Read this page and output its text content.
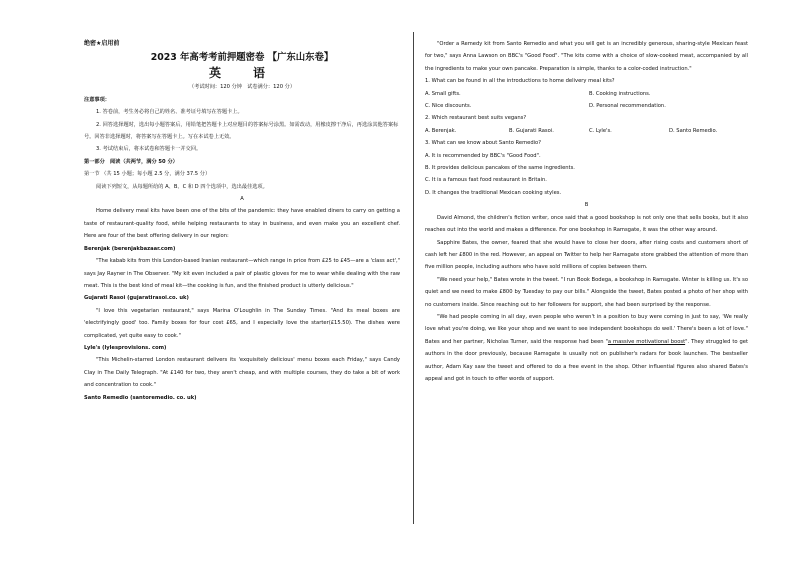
绝密★启用前

2023 年高考考前押题密卷 【广东山东卷】

英　语

（考试时间：120 分钟　试卷满分：120 分）

注意事项：

1. 答卷前，考生务必将自己的姓名、准考证号填写在答题卡上。

2. 回答选择题时，选出每小题答案后，用铅笔把答题卡上对应题目的答案标号涂黑。如需改动，用橡皮擦干净后，再选涂其他答案标号。回答非选择题时，将答案写在答题卡上。写在本试卷上无效。

3. 考试结束后，将本试卷和答题卡一并交回。

第一部分　阅读（共两节，满分 50 分）

第一节 （共 15 小题；每小题 2.5 分，满分 37.5 分）

阅读下列短文，从每题所给的 A、B、C 和 D 四个选项中，选出最佳选项。

A

Home delivery meal kits have been one of the bits of the pandemic: they have enabled diners to carry on getting a taste of restaurant-quality food, while helping restaurants to stay in business, and even make you an excellent chef. Here are four of the best offering delivery in our region:

Berenjak (berenjakbazaar.com)

"The kabab kits from this London-based Iranian restaurant—which range in price from £25 to £45—are a 'class act'," says Jay Rayner in The Observer. "My kit even included a pair of plastic gloves for me to wear while dealing with the raw meat. This is the best kind of meal kit—the cooking is fun, and the finished product is utterly delicious."

Gujarati Rasoi (gujaratirasoi.co. uk)

"I love this vegetarian restaurant," says Marina O'Loughlin in The Sunday Times. "And its meal boxes are 'electrifyingly good' too. Family boxes for four cost £65, and I especially love the starter(£15.50). The dishes were complicated, yet quite easy to cook."

Lyle's (lylesprovisions. com)

"This Michelin-starred London restaurant delivers its 'exquisitely delicious' menu boxes each Friday," says Candy Clay in The Daily Telegraph. "At £140 for two, they aren't cheap, and with multiple courses, they do take a bit of work and concentration to cook."

Santo Remedio (santoremedio. co. uk)

"Order a Remedy kit from Santo Remedio and what you will get is an incredibly generous, sharing-style Mexican feast for two," says Anna Lawson on BBC's "Good Food". "The kits come with a choice of slow-cooked meat, accompanied by all the ingredients to make your own pancake. Preparation is simple, thanks to a color-coded instruction."

1. What can be found in all the introductions to home delivery meal kits?

A. Small gifts.	B. Cooking instructions.

C. Nice discounts.	D. Personal recommendation.

2. Which restaurant best suits vegans?

A. Berenjak.	B. Gujarati Rasoi.	C. Lyle's.	D. Santo Remedio.

3. What can we know about Santo Remedio?

A. It is recommended by BBC's "Good Food".

B. It provides delicious pancakes of the same ingredients.

C. It is a famous fast food restaurant in Britain.

D. It changes the traditional Mexican cooking styles.

B

David Almond, the children's fiction writer, once said that a good bookshop is not only one that sells books, but it also reaches out into the world and makes a difference. For one bookshop in Ramsgate, it was the other way around.

Sapphire Bates, the owner, feared that she would have to close her doors, after rising costs and customers short of cash left her £800 in the red. However, an appeal on Twitter to help her Ramsgate store grabbed the attention of more than five million people, including authors who have sold millions of copies between them.

"We need your help," Bates wrote in the tweet. "I run Book Bodega, a bookshop in Ramsgate. Winter is killing us. It's so quiet and we need to make £800 by Tuesday to pay our bills." Alongside the tweet, Bates posted a photo of her shop with no customers inside. Since reaching out to her followers for support, she had been surprised by the response.

"We had people coming in all day, even people who weren't in a position to buy were coming in just to say, 'We really love what you're doing, we like your shop and we want to see independent bookshops do well.' There's been a lot of love." Bates and her partner, Nicholas Turner, said the response had been "a massive motivational boost". They struggled to get authors in the door previously, because Ramsgate is usually not on publisher's radars for book launches. The bestseller author, Adam Kay saw the tweet and offered to do a free event in the shop. Other influential figures also shared Bates's appeal and got in touch to offer words of support.
